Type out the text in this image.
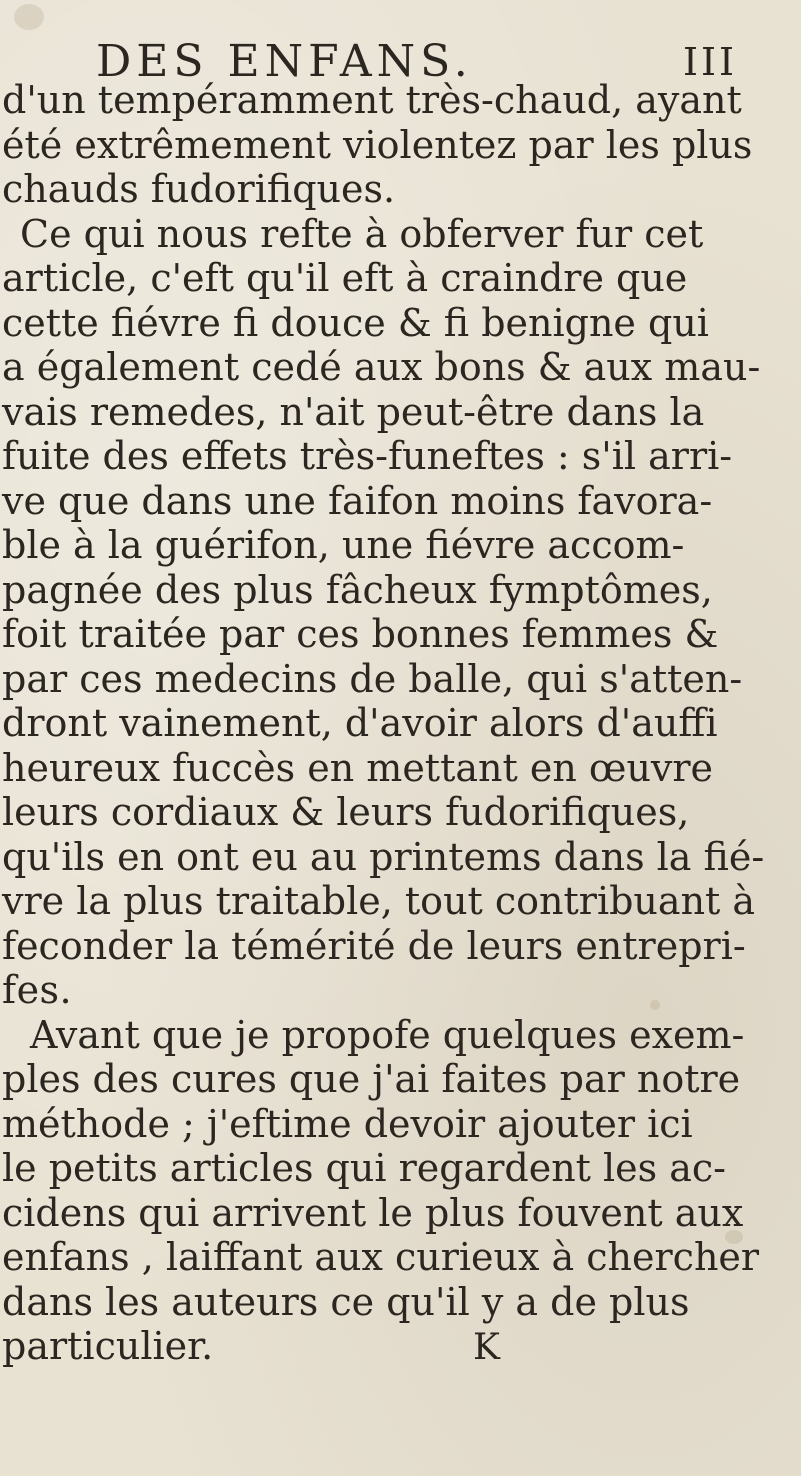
DES ENFANS.	III
d'un tempéramment très-chaud, ayant
été extrêmement violentez par les plus
chauds fudorifiques.
Ce qui nous refte à obferver fur cet
article, c'eft qu'il eft à craindre que
cette fiévre fi douce & fi benigne qui
a également cedé aux bons & aux mau-
vais remedes, n'ait peut-être dans la
fuite des effets très-funeftes : s'il arri-
ve que dans une faifon moins favora-
ble à la guérifon, une fiévre accom-
pagnée des plus fâcheux fymptômes,
foit traitée par ces bonnes femmes &
par ces medecins de balle, qui s'atten-
dront vainement, d'avoir alors d'auffi
heureux fuccès en mettant en œuvre
leurs cordiaux & leurs fudorifiques,
qu'ils en ont eu au printems dans la fié-
vre la plus traitable, tout contribuant à
feconder la témérité de leurs entrepri-
fes.
Avant que je propofe quelques exem-
ples des cures que j'ai faites par notre
méthode ; j'eftime devoir ajouter ici
le petits articles qui regardent les ac-
cidens qui arrivent le plus fouvent aux
enfans , laiffant aux curieux à chercher
dans les auteurs ce qu'il y a de plus
particulier.	K
